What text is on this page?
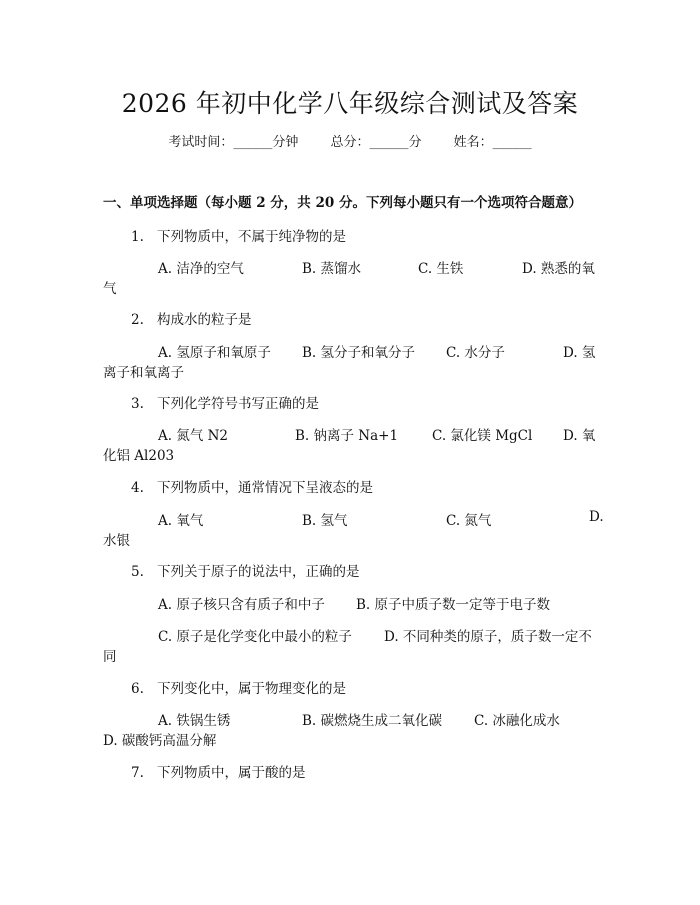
2026 年初中化学八年级综合测试及答案
考试时间：______分钟 总分：______分 姓名：______
一、单项选择题（每小题 2 分，共 20 分。下列每小题只有一个选项符合题意）
1. 下列物质中，不属于纯净物的是
A. 洁净的空气	B. 蒸馏水	C. 生铁	D. 熟悉的氧
气
2. 构成水的粒子是
A. 氢原子和氧原子 B. 氢分子和氧分子 C. 水分子	D. 氢
离子和氧离子
3. 下列化学符号书写正确的是
A. 氮气 N2	B. 钠离子 Na+1	C. 氯化镁 MgCl D. 氧
化铝 Al203
4. 下列物质中，通常情况下呈液态的是
A. 氧气	B. 氢气	C. 氮气	D.
水银
5. 下列关于原子的说法中，正确的是
A. 原子核只含有质子和中子 B. 原子中质子数一定等于电子数
C. 原子是化学变化中最小的粒子 D. 不同种类的原子，质子数一定不
同
6. 下列变化中，属于物理变化的是
A. 铁锅生锈	B. 碳燃烧生成二氧化碳 C. 冰融化成水
D. 碳酸钙高温分解
7. 下列物质中，属于酸的是
